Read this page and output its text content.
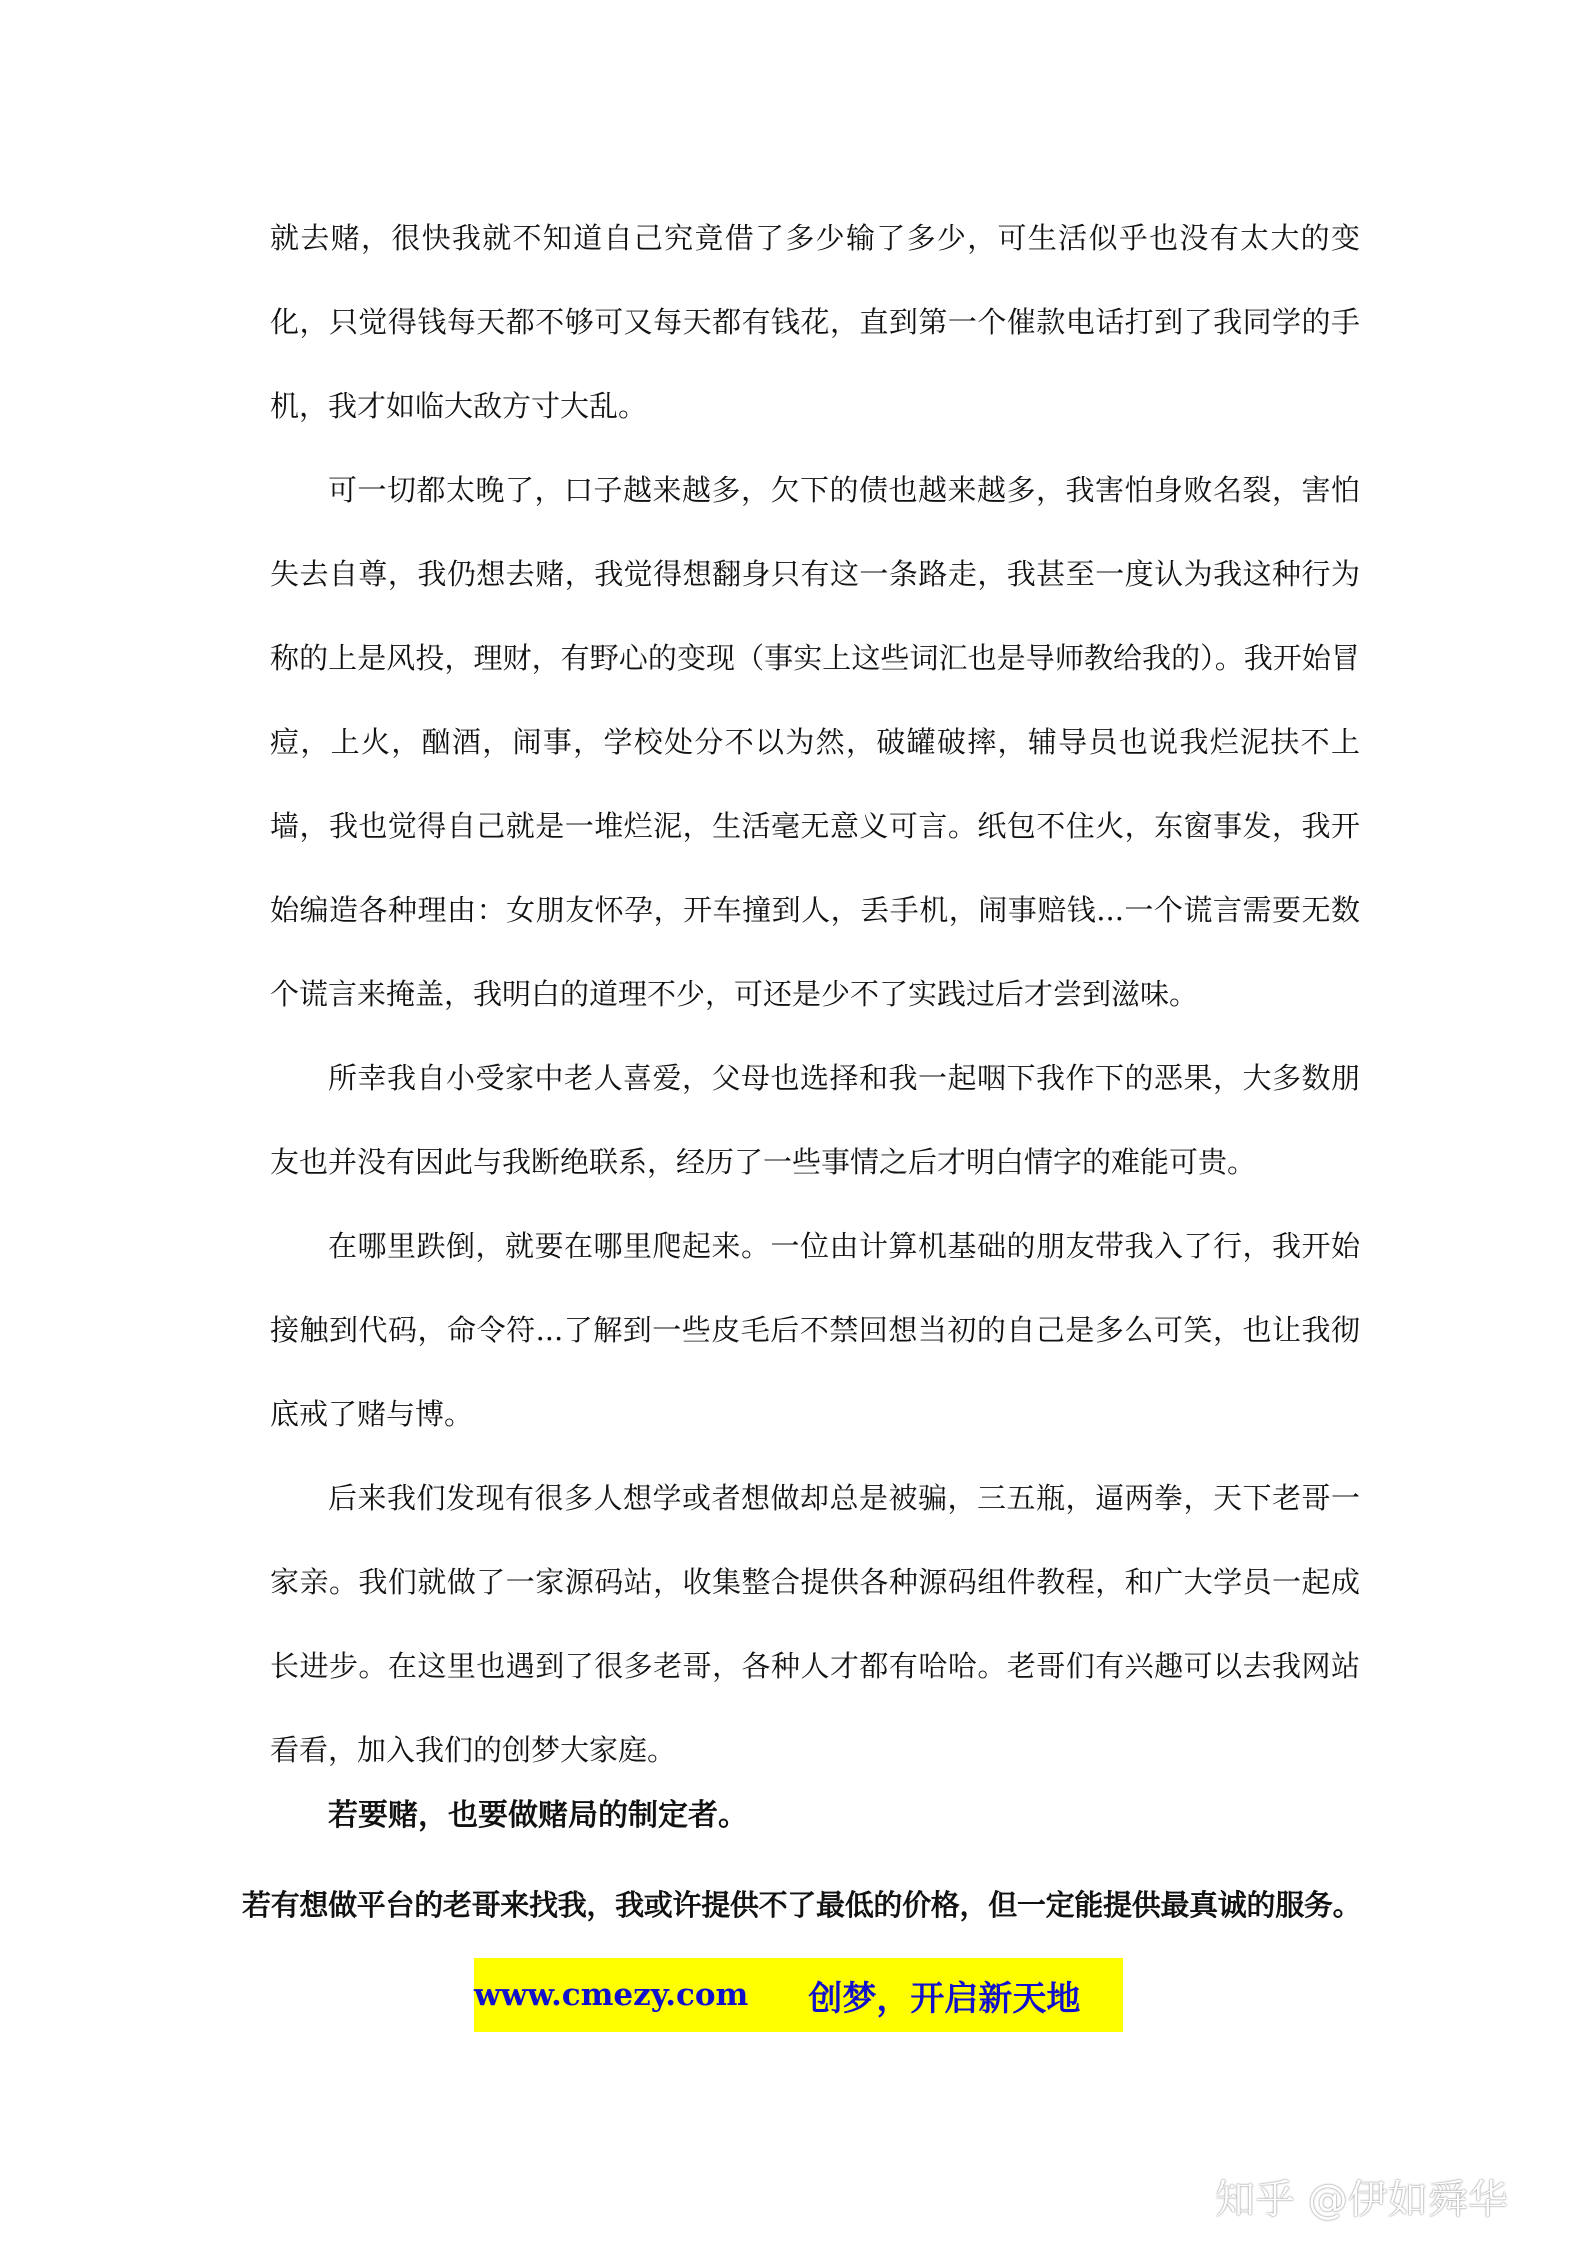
就去赌，很快我就不知道自己究竟借了多少输了多少，可生活似乎也没有太大的变化，只觉得钱每天都不够可又每天都有钱花，直到第一个催款电话打到了我同学的手机，我才如临大敌方寸大乱。

可一切都太晚了，口子越来越多，欠下的债也越来越多，我害怕身败名裂，害怕失去自尊，我仍想去赌，我觉得想翻身只有这一条路走，我甚至一度认为我这种行为称的上是风投，理财，有野心的变现（事实上这些词汇也是导师教给我的）。我开始冒痘，上火，酗酒，闹事，学校处分不以为然，破罐破摔，辅导员也说我烂泥扶不上墙，我也觉得自己就是一堆烂泥，生活毫无意义可言。纸包不住火，东窗事发，我开始编造各种理由：女朋友怀孕，开车撞到人，丢手机，闹事赔钱...一个谎言需要无数个谎言来掩盖，我明白的道理不少，可还是少不了实践过后才尝到滋味。

所幸我自小受家中老人喜爱，父母也选择和我一起咽下我作下的恶果，大多数朋友也并没有因此与我断绝联系，经历了一些事情之后才明白情字的难能可贵。

在哪里跌倒，就要在哪里爬起来。一位由计算机基础的朋友带我入了行，我开始接触到代码，命令符...了解到一些皮毛后不禁回想当初的自己是多么可笑，也让我彻底戒了赌与博。

后来我们发现有很多人想学或者想做却总是被骗，三五瓶，逼两拳，天下老哥一家亲。我们就做了一家源码站，收集整合提供各种源码组件教程，和广大学员一起成长进步。在这里也遇到了很多老哥，各种人才都有哈哈。老哥们有兴趣可以去我网站看看，加入我们的创梦大家庭。

若要赌，也要做赌局的制定者。
若有想做平台的老哥来找我，我或许提供不了最低的价格，但一定能提供最真诚的服务。
www.cmezy.com 创梦，开启新天地
知乎 @伊如舜华
